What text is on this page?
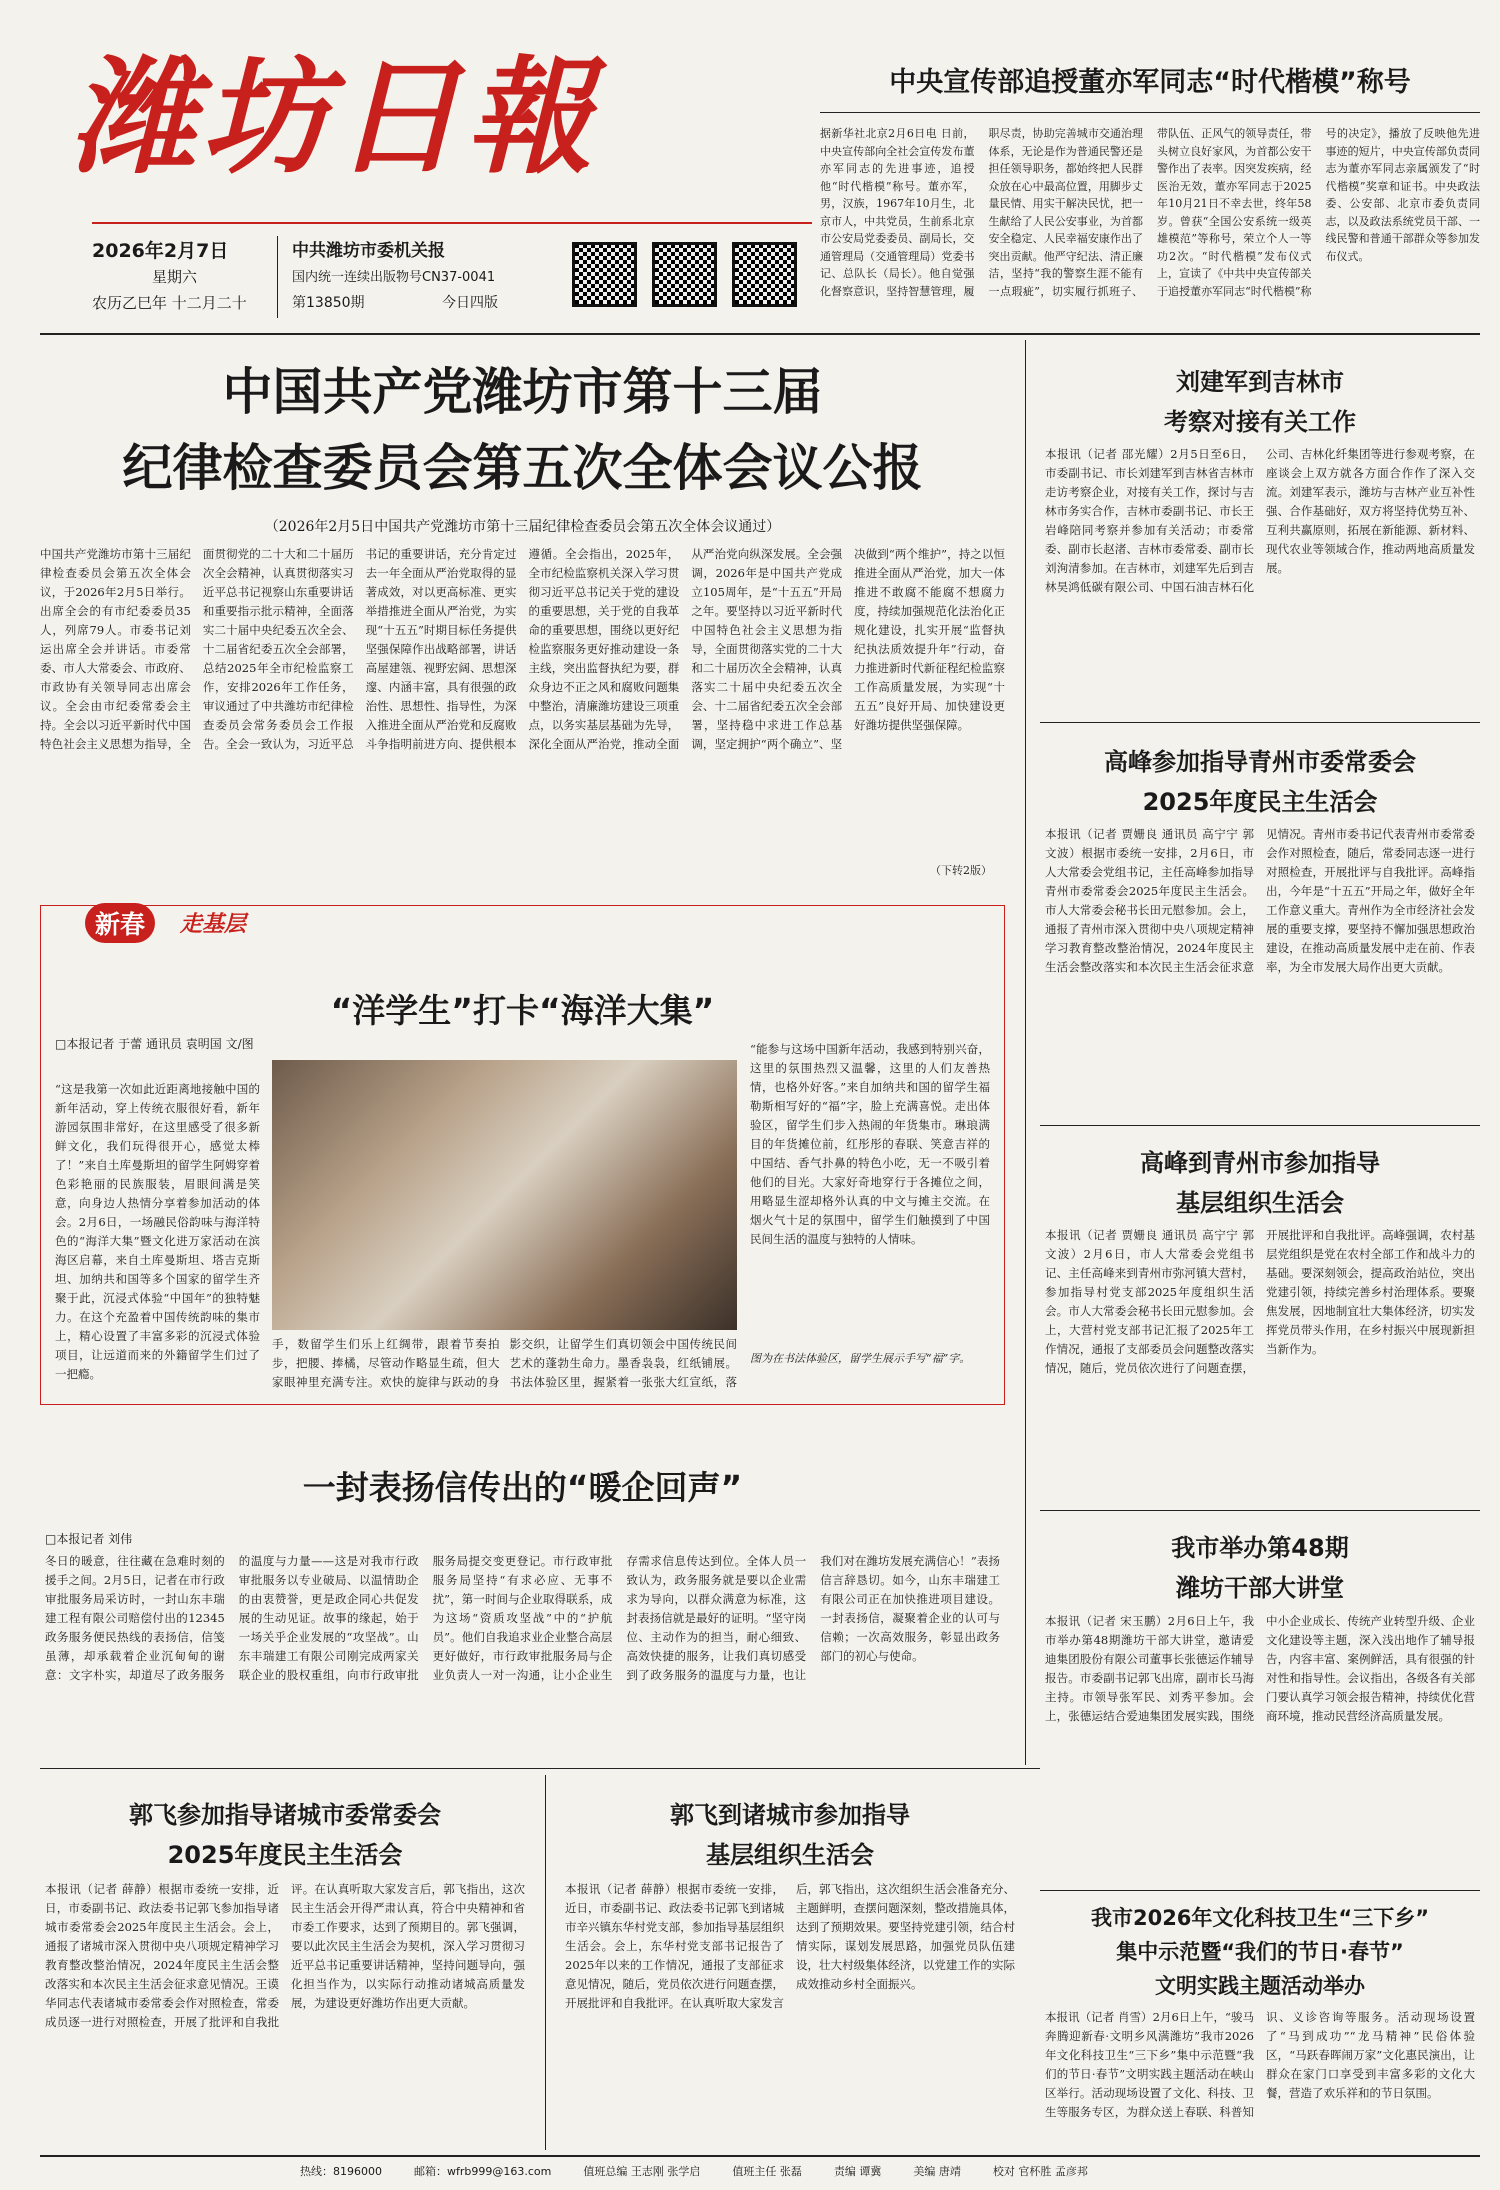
潍坊日報
2026年2月7日
星期六
农历乙巳年 十二月二十
中共潍坊市委机关报
国内统一连续出版物号CN37-0041
第13850期	今日四版
中央宣传部追授董亦军同志“时代楷模”称号
据新华社北京2月6日电 日前，中央宣传部向全社会宣传发布董亦军同志的先进事迹，追授他“时代楷模”称号。董亦军，男，汉族，1967年10月生，北京市人，中共党员，生前系北京市公安局党委委员、副局长，交通管理局（交通管理局）党委书记、总队长（局长）。他自觉强化督察意识，坚持智慧管理，履职尽责，协助完善城市交通治理体系，无论是作为普通民警还是担任领导职务，都始终把人民群众放在心中最高位置，用脚步丈量民情、用实干解决民忧，把一生献给了人民公安事业，为首都安全稳定、人民幸福安康作出了突出贡献。他严守纪法、清正廉洁，坚持“我的警察生涯不能有一点瑕疵”，切实履行抓班子、带队伍、正风气的领导责任，带头树立良好家风，为首都公安干警作出了表率。因突发疾病，经医治无效，董亦军同志于2025年10月21日不幸去世，终年58岁。曾获“全国公安系统一级英雄模范”等称号，荣立个人一等功2次。“时代楷模”发布仪式上，宣读了《中共中央宣传部关于追授董亦军同志“时代楷模”称号的决定》，播放了反映他先进事迹的短片，中央宣传部负责同志为董亦军同志亲属颁发了“时代楷模”奖章和证书。中央政法委、公安部、北京市委负责同志，以及政法系统党员干部、一线民警和普通干部群众等参加发布仪式。
中国共产党潍坊市第十三届
纪律检查委员会第五次全体会议公报
（2026年2月5日中国共产党潍坊市第十三届纪律检查委员会第五次全体会议通过）
中国共产党潍坊市第十三届纪律检查委员会第五次全体会议，于2026年2月5日举行。出席全会的有市纪委委员35人，列席79人。市委书记刘运出席全会并讲话。市委常委、市人大常委会、市政府、市政协有关领导同志出席会议。全会由市纪委常委会主持。全会以习近平新时代中国特色社会主义思想为指导，全面贯彻党的二十大和二十届历次全会精神，认真贯彻落实习近平总书记视察山东重要讲话和重要指示批示精神，全面落实二十届中央纪委五次全会、十二届省纪委五次全会部署，总结2025年全市纪检监察工作，安排2026年工作任务，审议通过了中共潍坊市纪律检查委员会常务委员会工作报告。全会一致认为，习近平总书记的重要讲话，充分肯定过去一年全面从严治党取得的显著成效，对以更高标准、更实举措推进全面从严治党，为实现“十五五”时期目标任务提供坚强保障作出战略部署，讲话高屋建瓴、视野宏阔、思想深邃、内涵丰富，具有很强的政治性、思想性、指导性，为深入推进全面从严治党和反腐败斗争指明前进方向、提供根本遵循。全会指出，2025年，全市纪检监察机关深入学习贯彻习近平总书记关于党的建设的重要思想，关于党的自我革命的重要思想，围绕以更好纪检监察服务更好推动建设一条主线，突出监督执纪为要，群众身边不正之风和腐败问题集中整治，清廉潍坊建设三项重点，以务实基层基础为先导，深化全面从严治党，推动全面从严治党向纵深发展。全会强调，2026年是中国共产党成立105周年，是“十五五”开局之年。要坚持以习近平新时代中国特色社会主义思想为指导，全面贯彻落实党的二十大和二十届历次全会精神，认真落实二十届中央纪委五次全会、十二届省纪委五次全会部署，坚持稳中求进工作总基调，坚定拥护“两个确立”、坚决做到“两个维护”，持之以恒推进全面从严治党，加大一体推进不敢腐不能腐不想腐力度，持续加强规范化法治化正规化建设，扎实开展“监督执纪执法质效提升年”行动，奋力推进新时代新征程纪检监察工作高质量发展，为实现“十五五”良好开局、加快建设更好潍坊提供坚强保障。
（下转2版）
新春	走基层
“洋学生”打卡“海洋大集”
□本报记者 于蕾 通讯员 袁明国 文/图
“这是我第一次如此近距离地接触中国的新年活动，穿上传统衣服很好看，新年游园氛围非常好，在这里感受了很多新鲜文化，我们玩得很开心，感觉太棒了！”来自土库曼斯坦的留学生阿姆穿着色彩艳丽的民族服装，眉眼间满是笑意，向身边人热情分享着参加活动的体会。2月6日，一场融民俗韵味与海洋特色的“海洋大集”暨文化进万家活动在滨海区启幕，来自土库曼斯坦、塔吉克斯坦、加纳共和国等多个国家的留学生齐聚于此，沉浸式体验“中国年”的独特魅力。在这个充盈着中国传统韵味的集市上，精心设置了丰富多彩的沉浸式体验项目，让远道而来的外籍留学生们过了一把瘾。
手，数留学生们乐上红绸带，跟着节奏拍步，把腰、捧橘，尽管动作略显生疏，但大家眼神里充满专注。欢快的旋律与跃动的身影交织，让留学生们真切领会中国传统民间艺术的蓬勃生命力。墨香袅袅，红纸铺展。书法体验区里，握紧着一张张大红宣纸，落
“能参与这场中国新年活动，我感到特别兴奋，这里的氛围热烈又温馨，这里的人们友善热情，也格外好客。”来自加纳共和国的留学生福勒斯相写好的“福”字，脸上充满喜悦。走出体验区，留学生们步入热闹的年货集市。琳琅满目的年货摊位前，红彤彤的春联、笑意吉祥的中国结、香气扑鼻的特色小吃，无一不吸引着他们的目光。大家好奇地穿行于各摊位之间，用略显生涩却格外认真的中文与摊主交流。在烟火气十足的氛围中，留学生们触摸到了中国民间生活的温度与独特的人情味。
图为在书法体验区，留学生展示手写“福”字。
一封表扬信传出的“暖企回声”
□本报记者 刘伟
冬日的暖意，往往藏在急难时刻的援手之间。2月5日，记者在市行政审批服务局采访时，一封山东丰瑞建工程有限公司赔偿付出的12345政务服务便民热线的表扬信，信笺虽薄，却承载着企业沉甸甸的谢意：文字朴实，却道尽了政务服务的温度与力量——这是对我市行政审批服务以专业破局、以温情助企的由衷赞誉，更是政企同心共促发展的生动见证。故事的缘起，始于一场关乎企业发展的“攻坚战”。山东丰瑞建工有限公司刚完成两家关联企业的股权重组，向市行政审批服务局提交变更登记。市行政审批服务局坚持“有求必应、无事不扰”，第一时间与企业取得联系，成为这场“资质攻坚战”中的“护航员”。他们自我追求业企业整合高层更好做好，市行政审批服务局与企业负责人一对一沟通，让小企业生存需求信息传达到位。全体人员一致认为，政务服务就是要以企业需求为导向，以群众满意为标准，这封表扬信就是最好的证明。“坚守岗位、主动作为的担当，耐心细致、高效快捷的服务，让我们真切感受到了政务服务的温度与力量，也让我们对在潍坊发展充满信心！”表扬信言辞恳切。如今，山东丰瑞建工有限公司正在加快推进项目建设。一封表扬信，凝聚着企业的认可与信赖；一次高效服务，彰显出政务部门的初心与使命。
郭飞参加指导诸城市委常委会
2025年度民主生活会
本报讯（记者 薛静）根据市委统一安排，近日，市委副书记、政法委书记郭飞参加指导诸城市委常委会2025年度民主生活会。会上，通报了诸城市深入贯彻中央八项规定精神学习教育整改整治情况，2024年度民主生活会整改落实和本次民主生活会征求意见情况。王谟华同志代表诸城市委常委会作对照检查，常委成员逐一进行对照检查，开展了批评和自我批评。在认真听取大家发言后，郭飞指出，这次民主生活会开得严肃认真，符合中央精神和省市委工作要求，达到了预期目的。郭飞强调，要以此次民主生活会为契机，深入学习贯彻习近平总书记重要讲话精神，坚持问题导向，强化担当作为，以实际行动推动诸城高质量发展，为建设更好潍坊作出更大贡献。
郭飞到诸城市参加指导
基层组织生活会
本报讯（记者 薛静）根据市委统一安排，近日，市委副书记、政法委书记郭飞到诸城市辛兴镇东华村党支部，参加指导基层组织生活会。会上，东华村党支部书记报告了2025年以来的工作情况，通报了支部征求意见情况，随后，党员依次进行问题查摆，开展批评和自我批评。在认真听取大家发言后，郭飞指出，这次组织生活会准备充分、主题鲜明，查摆问题深刻，整改措施具体，达到了预期效果。要坚持党建引领，结合村情实际，谋划发展思路，加强党员队伍建设，壮大村级集体经济，以党建工作的实际成效推动乡村全面振兴。
刘建军到吉林市
考察对接有关工作
本报讯（记者 邵光耀）2月5日至6日，市委副书记、市长刘建军到吉林省吉林市走访考察企业，对接有关工作，探讨与吉林市务实合作，吉林市委副书记、市长王岩峰陪同考察并参加有关活动；市委常委、副市长赵渚、吉林市委常委、副市长刘洵清参加。在吉林市，刘建军先后到吉林昊鸿低碳有限公司、中国石油吉林石化公司、吉林化纤集团等进行参观考察，在座谈会上双方就各方面合作作了深入交流。刘建军表示，潍坊与吉林产业互补性强、合作基础好，双方将坚持优势互补、互利共赢原则，拓展在新能源、新材料、现代农业等领域合作，推动两地高质量发展。
高峰参加指导青州市委常委会
2025年度民主生活会
本报讯（记者 贾姗良 通讯员 高宁宁 郭文波）根据市委统一安排，2月6日，市人大常委会党组书记，主任高峰参加指导青州市委常委会2025年度民主生活会。市人大常委会秘书长田元慰参加。会上，通报了青州市深入贯彻中央八项规定精神学习教育整改整治情况，2024年度民主生活会整改落实和本次民主生活会征求意见情况。青州市委书记代表青州市委常委会作对照检查，随后，常委同志逐一进行对照检查，开展批评与自我批评。高峰指出，今年是“十五五”开局之年，做好全年工作意义重大。青州作为全市经济社会发展的重要支撑，要坚持不懈加强思想政治建设，在推动高质量发展中走在前、作表率，为全市发展大局作出更大贡献。
高峰到青州市参加指导
基层组织生活会
本报讯（记者 贾姗良 通讯员 高宁宁 郭文波）2月6日，市人大常委会党组书记、主任高峰来到青州市弥河镇大营村，参加指导村党支部2025年度组织生活会。市人大常委会秘书长田元慰参加。会上，大营村党支部书记汇报了2025年工作情况，通报了支部委员会问题整改落实情况，随后，党员依次进行了问题查摆，开展批评和自我批评。高峰强调，农村基层党组织是党在农村全部工作和战斗力的基础。要深刻领会，提高政治站位，突出党建引领，持续完善乡村治理体系。要聚焦发展，因地制宜壮大集体经济，切实发挥党员带头作用，在乡村振兴中展现新担当新作为。
我市举办第48期
潍坊干部大讲堂
本报讯（记者 宋玉鹏）2月6日上午，我市举办第48期潍坊干部大讲堂，邀请爱迪集团股份有限公司董事长张德运作辅导报告。市委副书记郭飞出席，副市长马海主持。市领导张军民、刘秀平参加。会上，张德运结合爱迪集团发展实践，围绕中小企业成长、传统产业转型升级、企业文化建设等主题，深入浅出地作了辅导报告，内容丰富、案例鲜活，具有很强的针对性和指导性。会议指出，各级各有关部门要认真学习领会报告精神，持续优化营商环境，推动民营经济高质量发展。
我市2026年文化科技卫生“三下乡”
集中示范暨“我们的节日·春节”
文明实践主题活动举办
本报讯（记者 肖雪）2月6日上午，“骏马奔腾迎新春·文明乡风满潍坊”我市2026年文化科技卫生“三下乡”集中示范暨“我们的节日·春节”文明实践主题活动在峡山区举行。活动现场设置了文化、科技、卫生等服务专区，为群众送上春联、科普知识、义诊咨询等服务。活动现场设置了“马到成功”“龙马精神”民俗体验区，“马跃春晖闹万家”文化惠民演出，让群众在家门口享受到丰富多彩的文化大餐，营造了欢乐祥和的节日氛围。
热线：8196000	邮箱：wfrb999@163.com	值班总编 王志刚 张学启	值班主任 张磊	责编 谭冀	美编 唐靖	校对 官杯胜 孟彦邦
